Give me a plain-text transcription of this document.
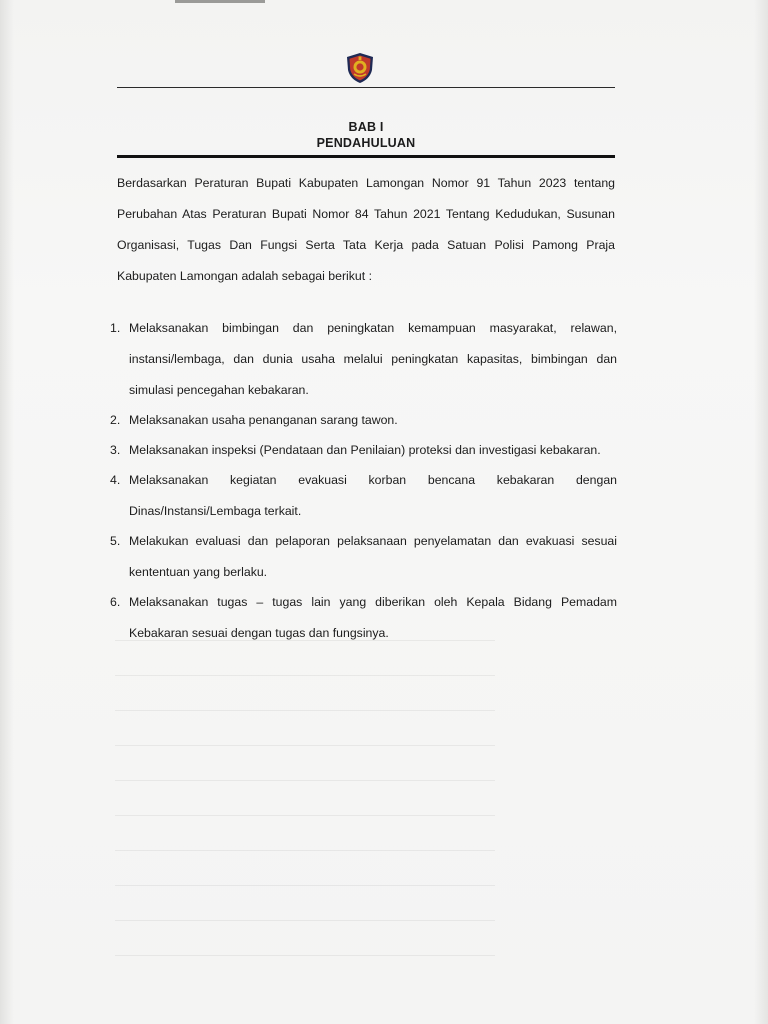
BAB I
PENDAHULUAN

Berdasarkan Peraturan Bupati Kabupaten Lamongan Nomor 91 Tahun 2023 tentang Perubahan Atas Peraturan Bupati Nomor 84 Tahun 2021 Tentang Kedudukan, Susunan Organisasi, Tugas Dan Fungsi Serta Tata Kerja pada Satuan Polisi Pamong Praja Kabupaten Lamongan adalah sebagai berikut :

1. Melaksanakan bimbingan dan peningkatan kemampuan masyarakat, relawan, instansi/lembaga, dan dunia usaha melalui peningkatan kapasitas, bimbingan dan simulasi pencegahan kebakaran.
2. Melaksanakan usaha penanganan sarang tawon.
3. Melaksanakan inspeksi (Pendataan dan Penilaian) proteksi dan investigasi kebakaran.
4. Melaksanakan kegiatan evakuasi korban bencana kebakaran dengan Dinas/Instansi/Lembaga terkait.
5. Melakukan evaluasi dan pelaporan pelaksanaan penyelamatan dan evakuasi sesuai kententuan yang berlaku.
6. Melaksanakan tugas – tugas lain yang diberikan oleh Kepala Bidang Pemadam Kebakaran sesuai dengan tugas dan fungsinya.
